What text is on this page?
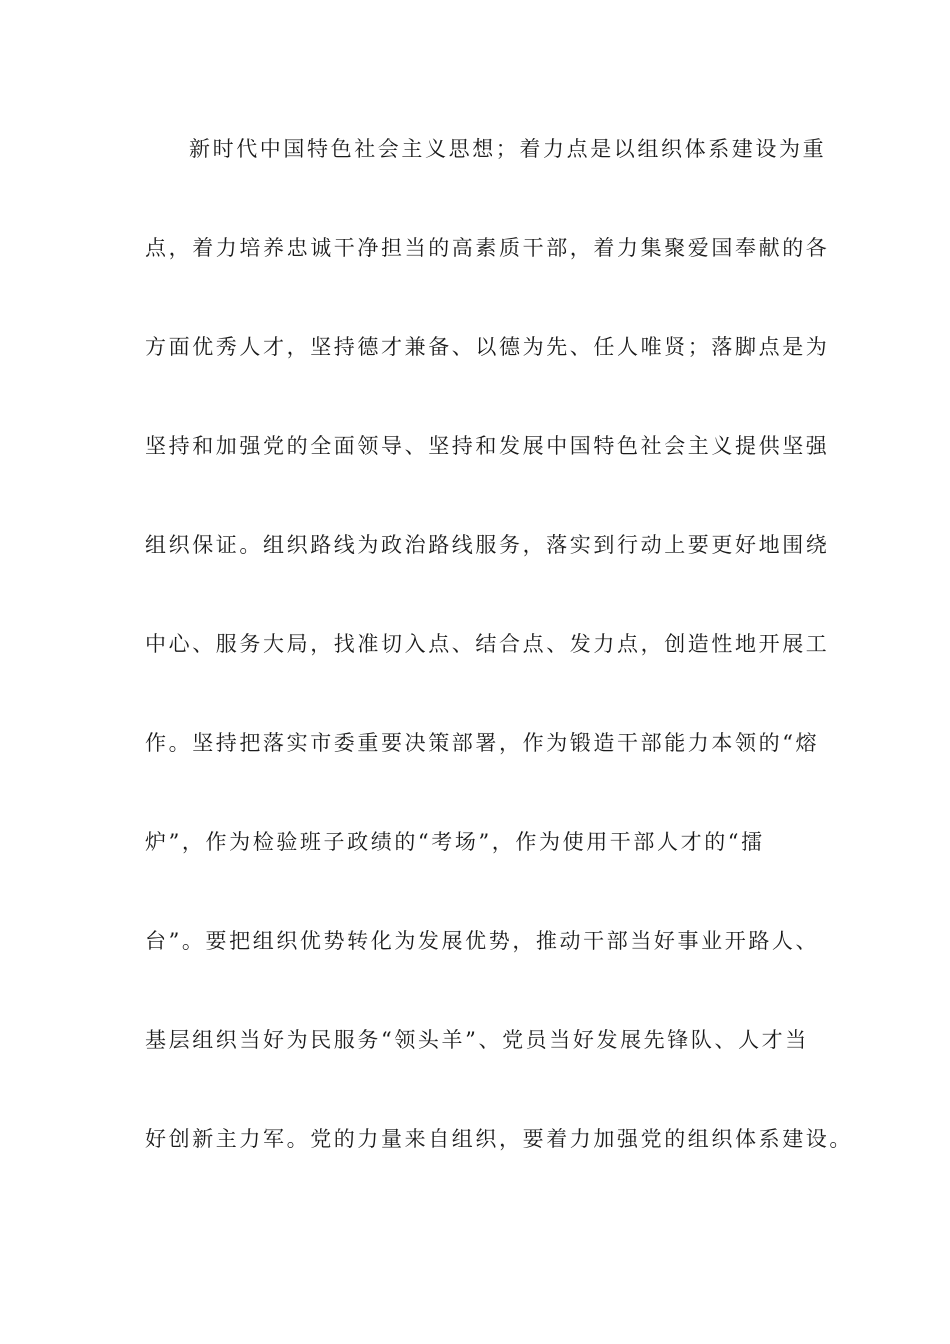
新时代中国特色社会主义思想；着力点是以组织体系建设为重
点，着力培养忠诚干净担当的高素质干部，着力集聚爱国奉献的各
方面优秀人才，坚持德才兼备、以德为先、任人唯贤；落脚点是为
坚持和加强党的全面领导、坚持和发展中国特色社会主义提供坚强
组织保证。组织路线为政治路线服务，落实到行动上要更好地围绕
中心、服务大局，找准切入点、结合点、发力点，创造性地开展工
作。坚持把落实市委重要决策部署，作为锻造干部能力本领的“熔
炉”，作为检验班子政绩的“考场”，作为使用干部人才的“擂
台”。要把组织优势转化为发展优势，推动干部当好事业开路人、
基层组织当好为民服务“领头羊”、党员当好发展先锋队、人才当
好创新主力军。党的力量来自组织，要着力加强党的组织体系建设。
